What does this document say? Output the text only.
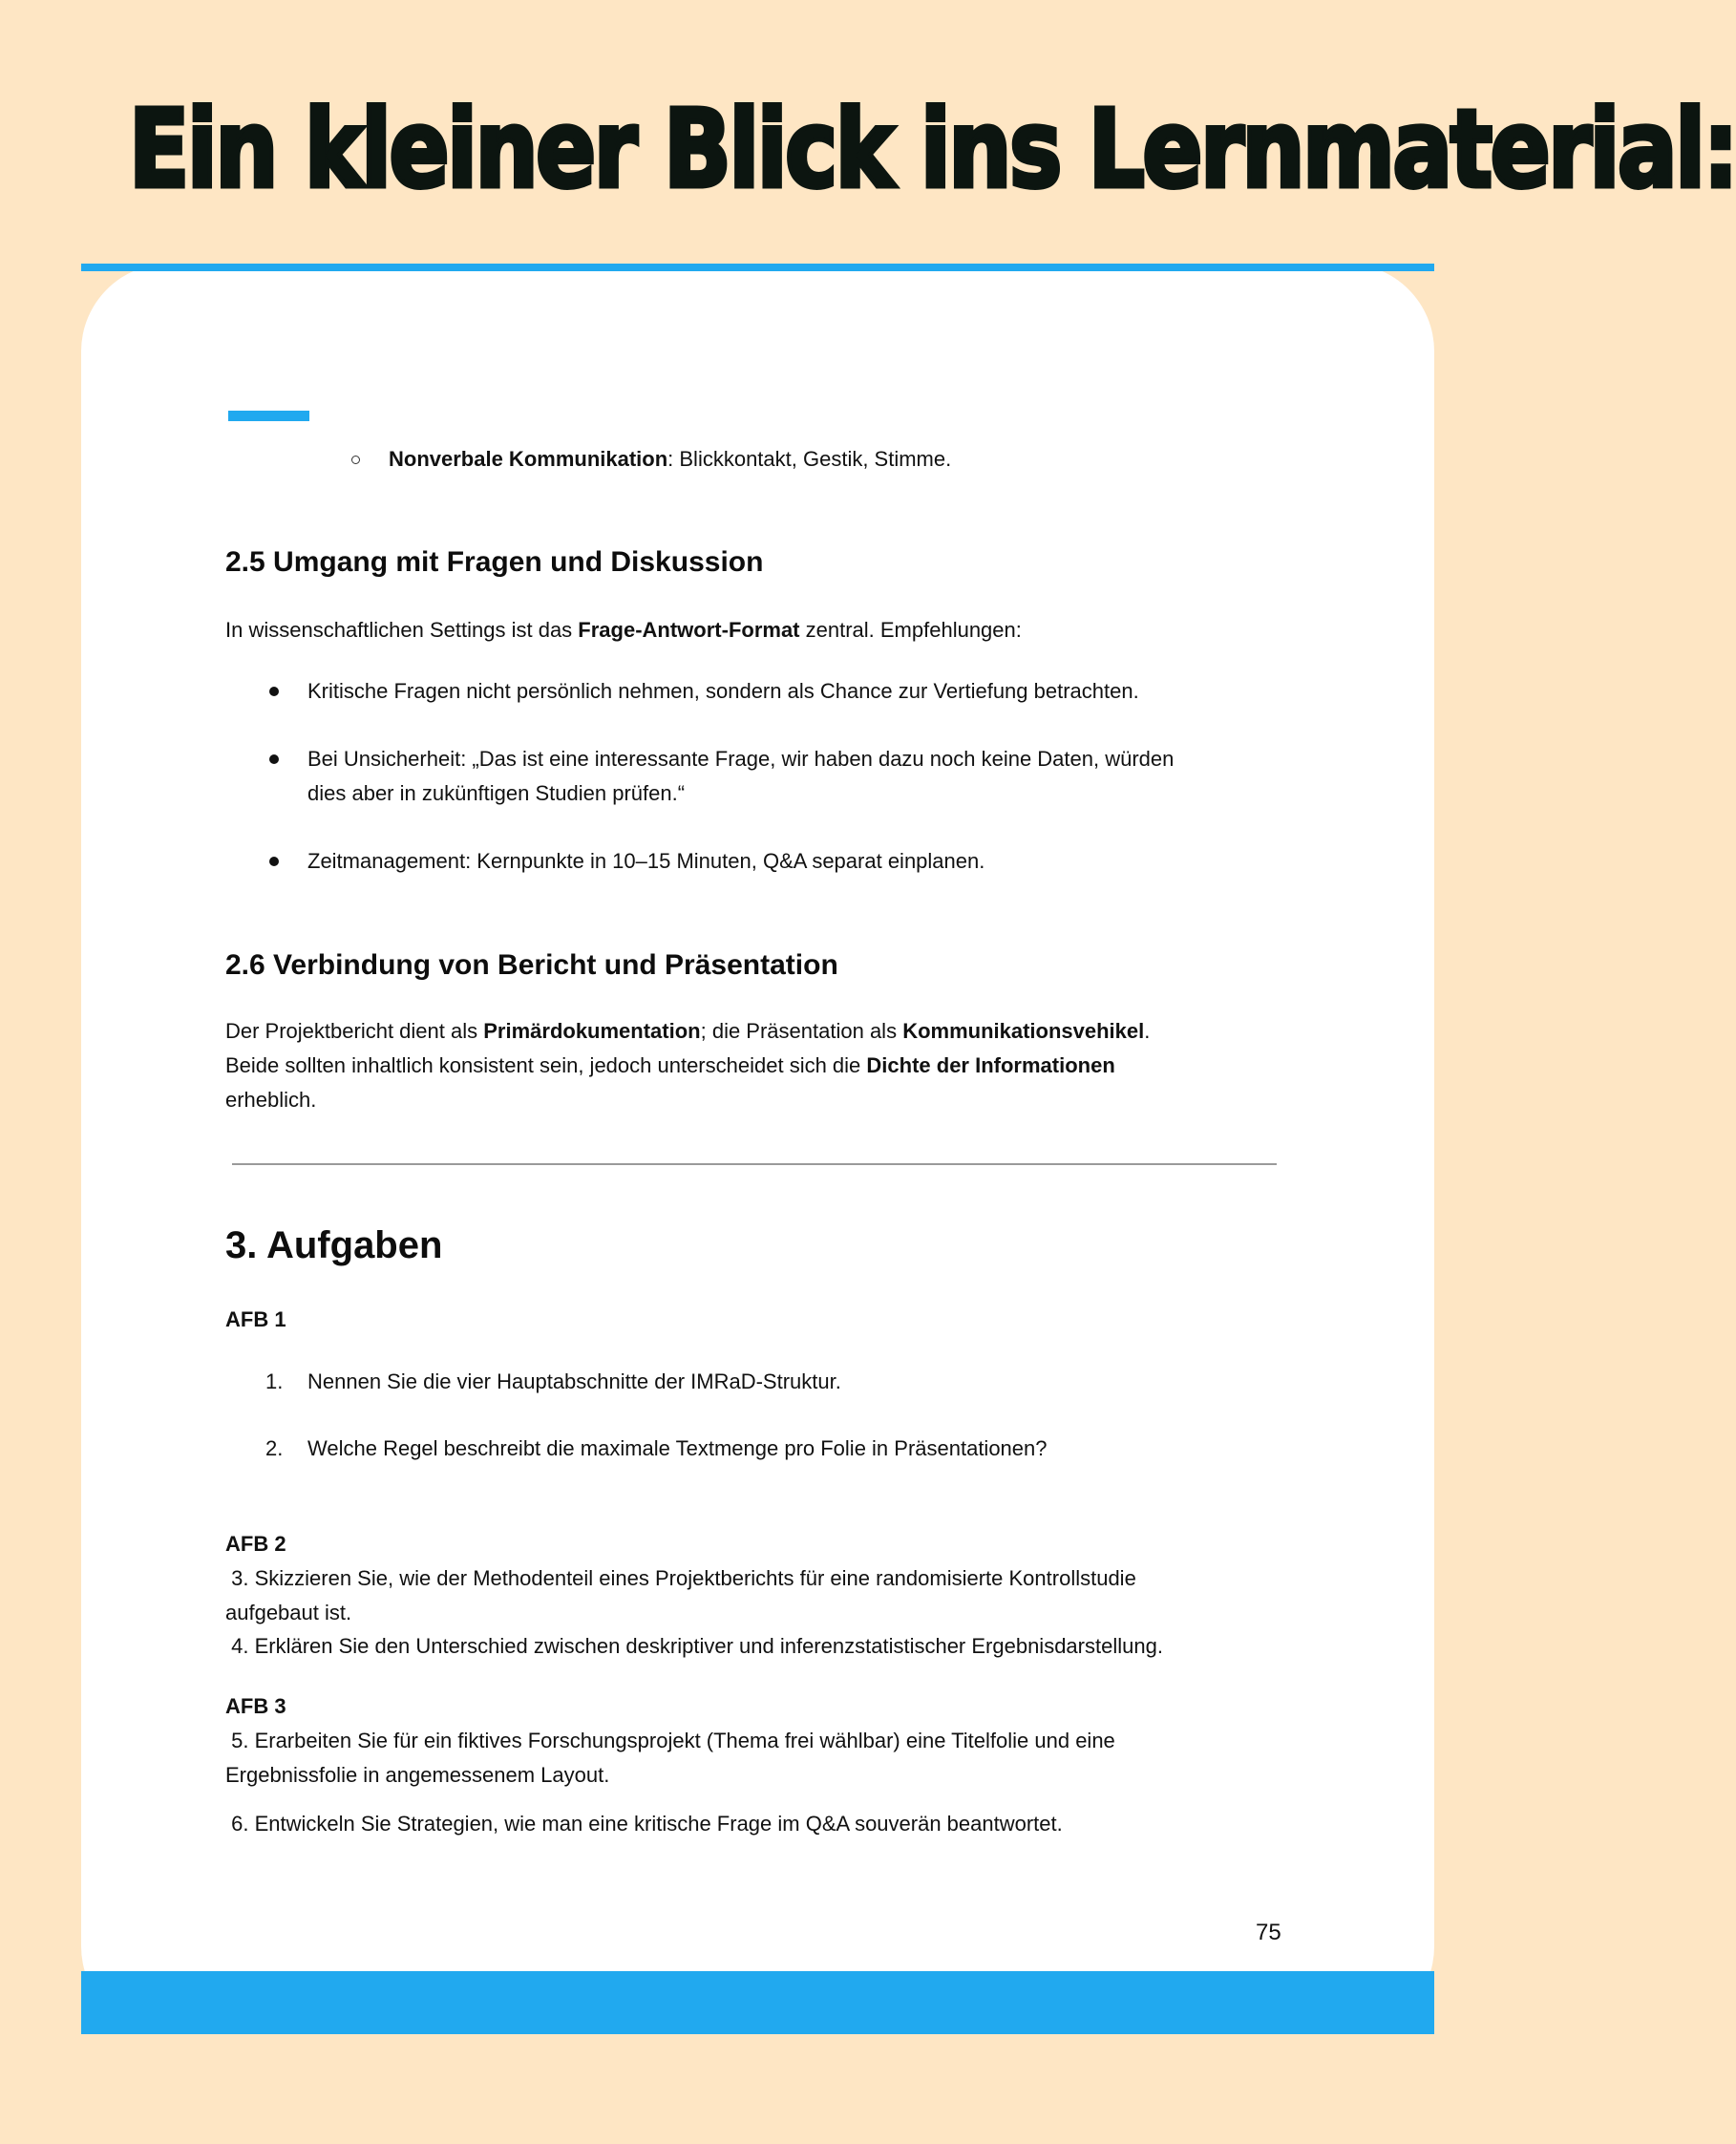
Ein kleiner Blick ins Lernmaterial:
Nonverbale Kommunikation: Blickkontakt, Gestik, Stimme.
2.5 Umgang mit Fragen und Diskussion
In wissenschaftlichen Settings ist das Frage-Antwort-Format zentral. Empfehlungen:
Kritische Fragen nicht persönlich nehmen, sondern als Chance zur Vertiefung betrachten.
Bei Unsicherheit: „Das ist eine interessante Frage, wir haben dazu noch keine Daten, würden
dies aber in zukünftigen Studien prüfen.“
Zeitmanagement: Kernpunkte in 10–15 Minuten, Q&A separat einplanen.
2.6 Verbindung von Bericht und Präsentation
Der Projektbericht dient als Primärdokumentation; die Präsentation als Kommunikationsvehikel.
Beide sollten inhaltlich konsistent sein, jedoch unterscheidet sich die Dichte der Informationen
erheblich.
3. Aufgaben
AFB 1
1. Nennen Sie die vier Hauptabschnitte der IMRaD-Struktur.
2. Welche Regel beschreibt die maximale Textmenge pro Folie in Präsentationen?
AFB 2
3. Skizzieren Sie, wie der Methodenteil eines Projektberichts für eine randomisierte Kontrollstudie
aufgebaut ist.
4. Erklären Sie den Unterschied zwischen deskriptiver und inferenzstatistischer Ergebnisdarstellung.
AFB 3
5. Erarbeiten Sie für ein fiktives Forschungsprojekt (Thema frei wählbar) eine Titelfolie und eine
Ergebnissfolie in angemessenem Layout.
6. Entwickeln Sie Strategien, wie man eine kritische Frage im Q&A souverän beantwortet.
75
